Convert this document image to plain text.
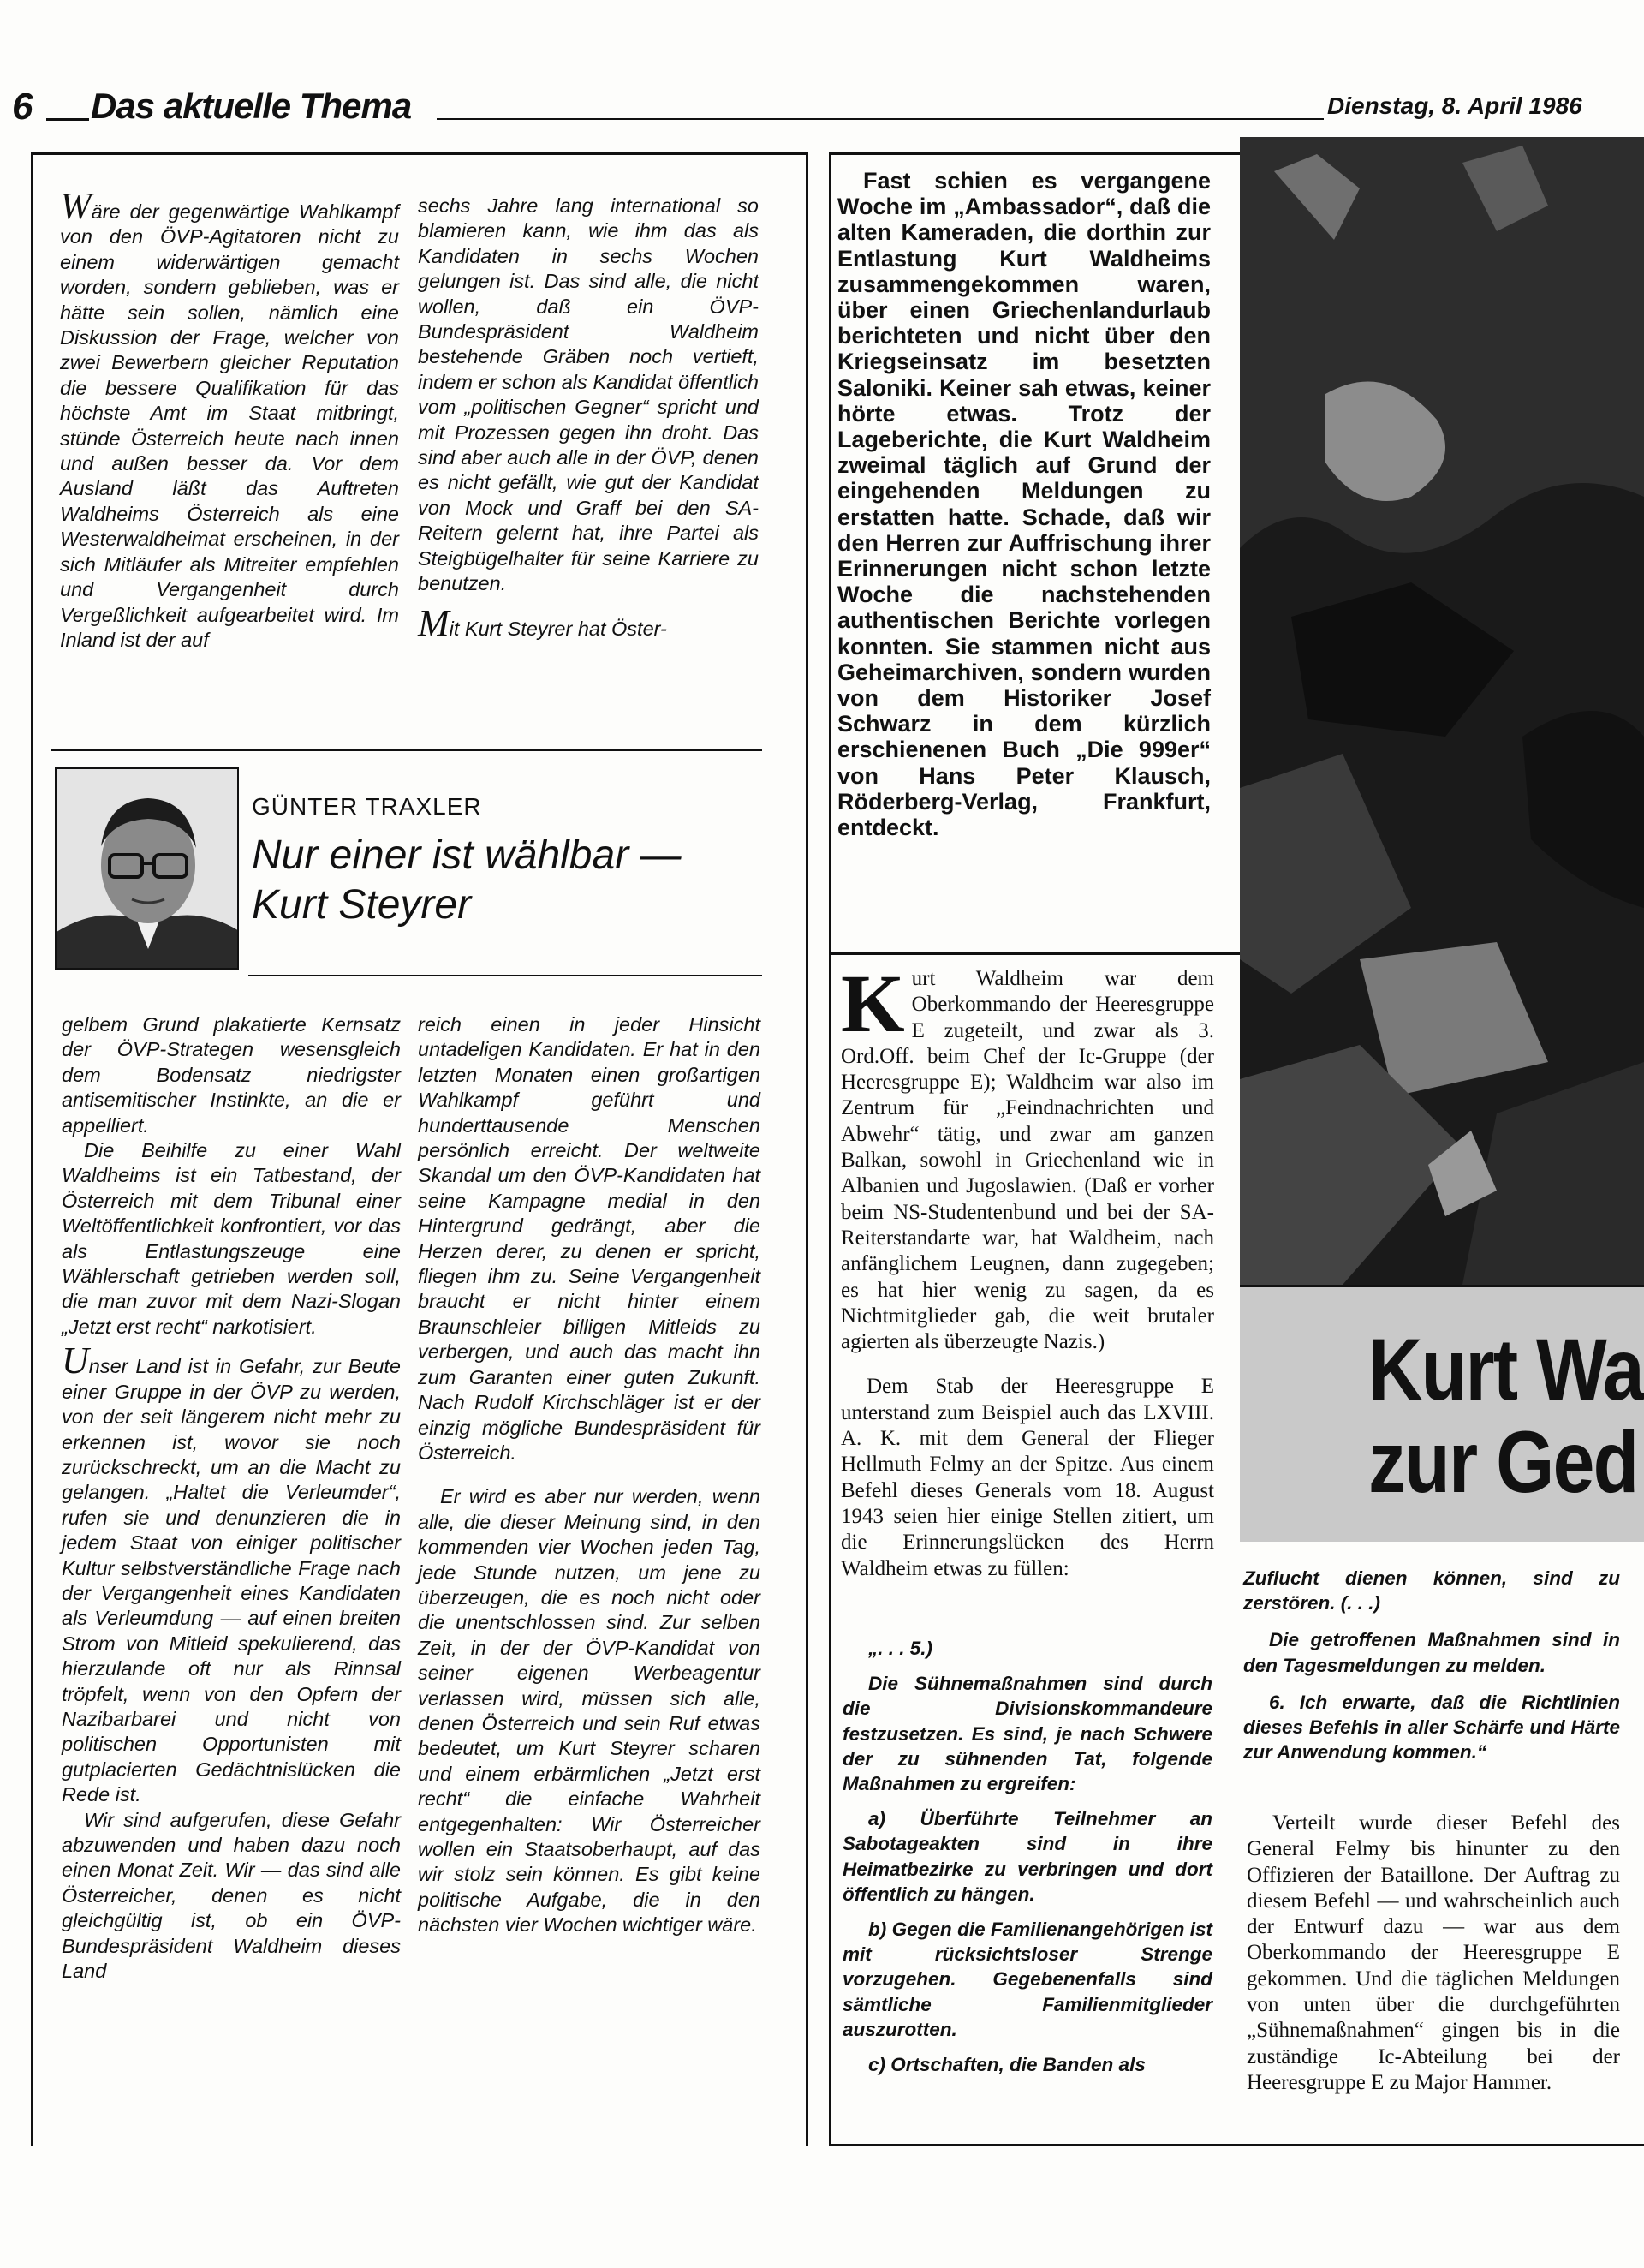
6 Das aktuelle Thema	Dienstag, 8. April 1986

Wäre der gegenwärtige Wahlkampf von den ÖVP-Agitatoren nicht zu einem widerwärtigen gemacht worden, sondern geblieben, was er hätte sein sollen, nämlich eine Diskussion der Frage, welcher von zwei Bewerbern gleicher Reputation die bessere Qualifikation für das höchste Amt im Staat mitbringt, stünde Österreich heute nach innen und außen besser da. Vor dem Ausland läßt das Auftreten Waldheims Österreich als eine Westerwaldheimat erscheinen, in der sich Mitläufer als Mitreiter empfehlen und Vergangenheit durch Vergeßlichkeit aufgearbeitet wird. Im Inland ist der auf

sechs Jahre lang international so blamieren kann, wie ihm das als Kandidaten in sechs Wochen gelungen ist. Das sind alle, die nicht wollen, daß ein ÖVP-Bundespräsident Waldheim bestehende Gräben noch vertieft, indem er schon als Kandidat öffentlich vom „politischen Gegner“ spricht und mit Prozessen gegen ihn droht. Das sind aber auch alle in der ÖVP, denen es nicht gefällt, wie gut der Kandidat von Mock und Graff bei den SA-Reitern gelernt hat, ihre Partei als Steigbügelhalter für seine Karriere zu benutzen.

Mit Kurt Steyrer hat Öster-

GÜNTER TRAXLER
Nur einer ist wählbar —
Kurt Steyrer

gelbem Grund plakatierte Kernsatz der ÖVP-Strategen wesensgleich dem Bodensatz niedrigster antisemitischer Instinkte, an die er appelliert.

Die Beihilfe zu einer Wahl Waldheims ist ein Tatbestand, der Österreich mit dem Tribunal einer Weltöffentlichkeit konfrontiert, vor das als Entlastungszeuge eine Wählerschaft getrieben werden soll, die man zuvor mit dem Nazi-Slogan „Jetzt erst recht“ narkotisiert.

Unser Land ist in Gefahr, zur Beute einer Gruppe in der ÖVP zu werden, von der seit längerem nicht mehr zu erkennen ist, wovor sie noch zurückschreckt, um an die Macht zu gelangen. „Haltet die Verleumder“, rufen sie und denunzieren die in jedem Staat von einiger politischer Kultur selbstverständliche Frage nach der Vergangenheit eines Kandidaten als Verleumdung — auf einen breiten Strom von Mitleid spekulierend, das hierzulande oft nur als Rinnsal tröpfelt, wenn von den Opfern der Nazibarbarei und nicht von politischen Opportunisten mit gutplacierten Gedächtnislücken die Rede ist.

Wir sind aufgerufen, diese Gefahr abzuwenden und haben dazu noch einen Monat Zeit. Wir — das sind alle Österreicher, denen es nicht gleichgültig ist, ob ein ÖVP-Bundespräsident Waldheim dieses Land

reich einen in jeder Hinsicht untadeligen Kandidaten. Er hat in den letzten Monaten einen großartigen Wahlkampf geführt und hunderttausende Menschen persönlich erreicht. Der weltweite Skandal um den ÖVP-Kandidaten hat seine Kampagne medial in den Hintergrund gedrängt, aber die Herzen derer, zu denen er spricht, fliegen ihm zu. Seine Vergangenheit braucht er nicht hinter einem Braunschleier billigen Mitleids zu verbergen, und auch das macht ihn zum Garanten einer guten Zukunft. Nach Rudolf Kirchschläger ist er der einzig mögliche Bundespräsident für Österreich.

Er wird es aber nur werden, wenn alle, die dieser Meinung sind, in den kommenden vier Wochen jeden Tag, jede Stunde nutzen, um jene zu überzeugen, die es noch nicht oder die unentschlossen sind. Zur selben Zeit, in der der ÖVP-Kandidat von seiner eigenen Werbeagentur verlassen wird, müssen sich alle, denen Österreich und sein Ruf etwas bedeutet, um Kurt Steyrer scharen und einem erbärmlichen „Jetzt erst recht“ die einfache Wahrheit entgegenhalten: Wir Österreicher wollen ein Staatsoberhaupt, auf das wir stolz sein können. Es gibt keine politische Aufgabe, die in den nächsten vier Wochen wichtiger wäre.

Fast schien es vergangene Woche im „Ambassador“, daß die alten Kameraden, die dorthin zur Entlastung Kurt Waldheims zusammengekommen waren, über einen Griechenlandurlaub berichteten und nicht über den Kriegseinsatz im besetzten Saloniki. Keiner sah etwas, keiner hörte etwas. Trotz der Lageberichte, die Kurt Waldheim zweimal täglich auf Grund der eingehenden Meldungen zu erstatten hatte. Schade, daß wir den Herren zur Auffrischung ihrer Erinnerungen nicht schon letzte Woche die nachstehenden authentischen Berichte vorlegen konnten. Sie stammen nicht aus Geheimarchiven, sondern wurden von dem Historiker Josef Schwarz in dem kürzlich erschienenen Buch „Die 999er“ von Hans Peter Klausch, Röderberg-Verlag, Frankfurt, entdeckt.

Kurt Waldheim war dem Oberkommando der Heeresgruppe E zugeteilt, und zwar als 3. Ord.Off. beim Chef der Ic-Gruppe (der Heeresgruppe E); Waldheim war also im Zentrum für „Feindnachrichten und Abwehr“ tätig, und zwar am ganzen Balkan, sowohl in Griechenland wie in Albanien und Jugoslawien. (Daß er vorher beim NS-Studentenbund und bei der SA-Reiterstandarte war, hat Waldheim, nach anfänglichem Leugnen, dann zugegeben; es hat hier wenig zu sagen, da es Nichtmitglieder gab, die weit brutaler agierten als überzeugte Nazis.)

Dem Stab der Heeresgruppe E unterstand zum Beispiel auch das LXVIII. A. K. mit dem General der Flieger Hellmuth Felmy an der Spitze. Aus einem Befehl dieses Generals vom 18. August 1943 seien hier einige Stellen zitiert, um die Erinnerungslücken des Herrn Waldheim etwas zu füllen:

„. . . 5.)

Die Sühnemaßnahmen sind durch die Divisionskommandeure festzusetzen. Es sind, je nach Schwere der zu sühnenden Tat, folgende Maßnahmen zu ergreifen:

a) Überführte Teilnehmer an Sabotageakten sind in ihre Heimatbezirke zu verbringen und dort öffentlich zu hängen.

b) Gegen die Familienangehörigen ist mit rücksichtsloser Strenge vorzugehen. Gegebenenfalls sind sämtliche Familienmitglieder auszurotten.

c) Ortschaften, die Banden als

Kurt Wa
zur Ged

Zuflucht dienen können, sind zu zerstören. (. . .)

Die getroffenen Maßnahmen sind in den Tagesmeldungen zu melden.

6. Ich erwarte, daß die Richtlinien dieses Befehls in aller Schärfe und Härte zur Anwendung kommen.“

Verteilt wurde dieser Befehl des General Felmy bis hinunter zu den Offizieren der Bataillone. Der Auftrag zu diesem Befehl — und wahrscheinlich auch der Entwurf dazu — war aus dem Oberkommando der Heeresgruppe E gekommen. Und die täglichen Meldungen von unten über die durchgeführten „Sühnemaßnahmen“ gingen bis in die zuständige Ic-Abteilung bei der Heeresgruppe E zu Major Hammer.
